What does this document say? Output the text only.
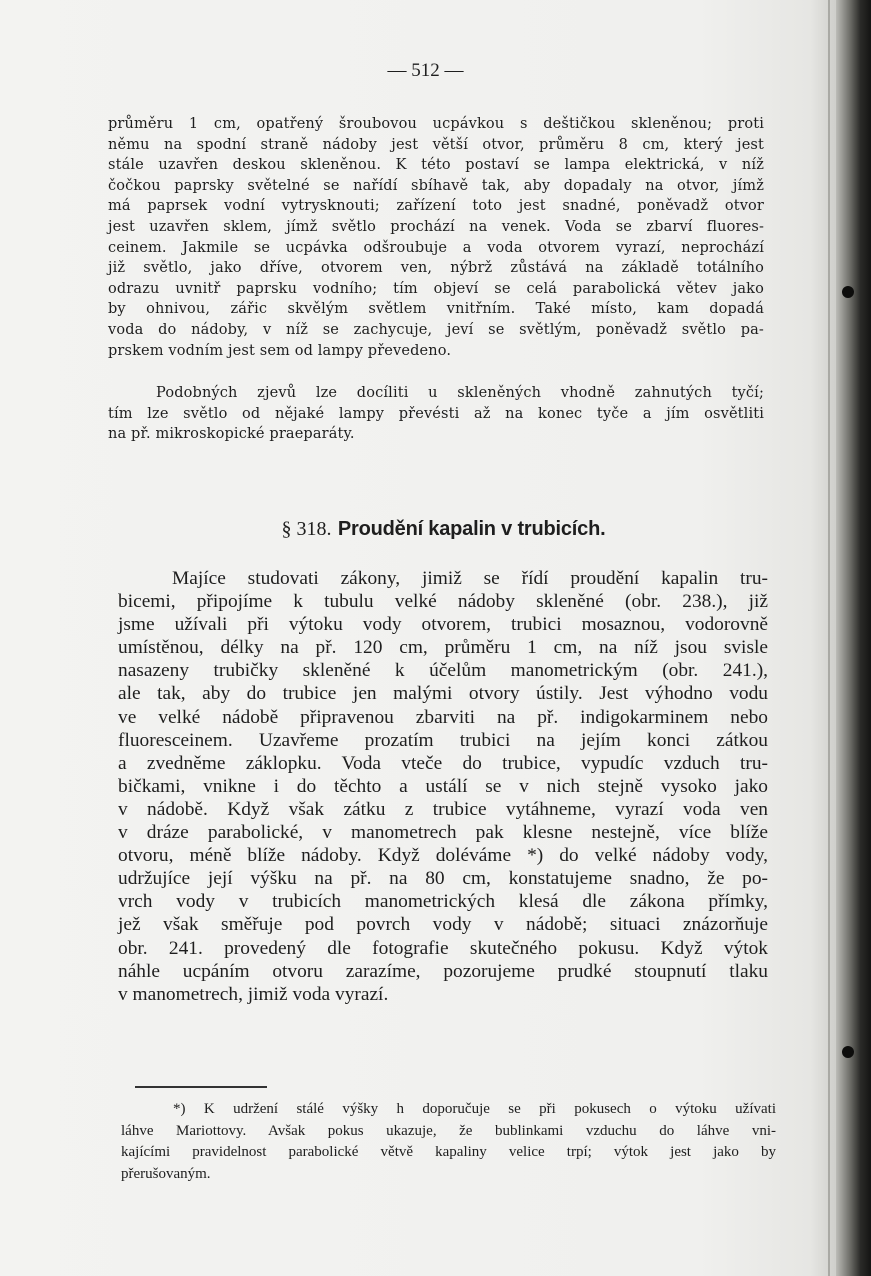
— 512 —
průměru 1 cm, opatřený šroubovou ucpávkou s deštičkou skleněnou; proti
němu na spodní straně nádoby jest větší otvor, průměru 8 cm, který jest
stále uzavřen deskou skleněnou. K této postaví se lampa elektrická, v níž
čočkou paprsky světelné se nařídí sbíhavě tak, aby dopadaly na otvor, jímž
má paprsek vodní vytrysknouti; zařízení toto jest snadné, poněvadž otvor
jest uzavřen sklem, jímž světlo prochází na venek. Voda se zbarví fluores-
ceinem. Jakmile se ucpávka odšroubuje a voda otvorem vyrazí, neprochází
již světlo, jako dříve, otvorem ven, nýbrž zůstává na základě totálního
odrazu uvnitř paprsku vodního; tím objeví se celá parabolická větev jako
by ohnivou, zářic skvělým světlem vnitřním. Také místo, kam dopadá
voda do nádoby, v níž se zachycuje, jeví se světlým, poněvadž světlo pa-
prskem vodním jest sem od lampy převedeno.
Podobných zjevů lze docíliti u skleněných vhodně zahnutých tyčí;
tím lze světlo od nějaké lampy převésti až na konec tyče a jím osvětliti
na př. mikroskopické praeparáty.
§ 318. Proudění kapalin v trubicích.
Majíce studovati zákony, jimiž se řídí proudění kapalin tru-
bicemi, připojíme k tubulu velké nádoby skleněné (obr. 238.), již
jsme užívali při výtoku vody otvorem, trubici mosaznou, vodorovně
umístěnou, délky na př. 120 cm, průměru 1 cm, na níž jsou svisle
nasazeny trubičky skleněné k účelům manometrickým (obr. 241.),
ale tak, aby do trubice jen malými otvory ústily. Jest výhodno vodu
ve velké nádobě připravenou zbarviti na př. indigokarminem nebo
fluoresceinem. Uzavřeme prozatím trubici na jejím konci zátkou
a zvedněme záklopku. Voda vteče do trubice, vypudíc vzduch tru-
bičkami, vnikne i do těchto a ustálí se v nich stejně vysoko jako
v nádobě. Když však zátku z trubice vytáhneme, vyrazí voda ven
v dráze parabolické, v manometrech pak klesne nestejně, více blíže
otvoru, méně blíže nádoby. Když doléváme *) do velké nádoby vody,
udržujíce její výšku na př. na 80 cm, konstatujeme snadno, že po-
vrch vody v trubicích manometrických klesá dle zákona přímky,
jež však směřuje pod povrch vody v nádobě; situaci znázorňuje
obr. 241. provedený dle fotografie skutečného pokusu. Když výtok
náhle ucpáním otvoru zarazíme, pozorujeme prudké stoupnutí tlaku
v manometrech, jimiž voda vyrazí.
*) K udržení stálé výšky h doporučuje se při pokusech o výtoku užívati
láhve Mariottovy. Avšak pokus ukazuje, že bublinkami vzduchu do láhve vni-
kajícími pravidelnost parabolické větvě kapaliny velice trpí; výtok jest jako by
přerušovaným.
